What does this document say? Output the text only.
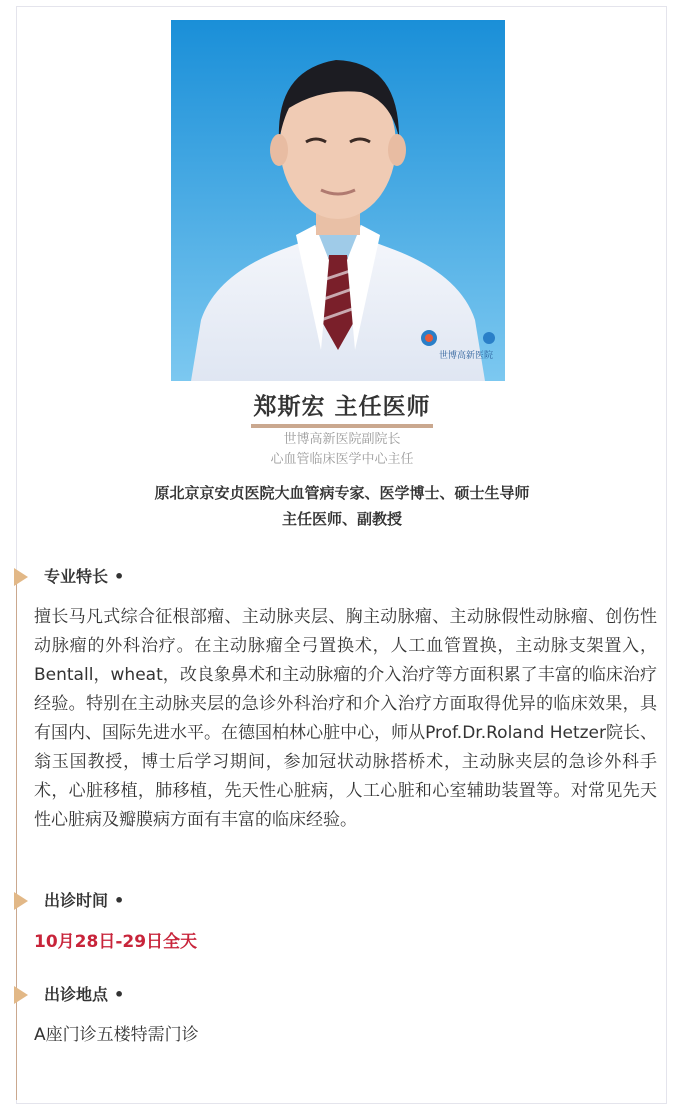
世博高新医院
郑斯宏 主任医师
世博高新医院副院长
心血管临床医学中心主任
原北京京安贞医院大血管病专家、医学博士、硕士生导师
主任医师、副教授
专业特长 •
擅长马凡式综合征根部瘤、主动脉夹层、胸主动脉瘤、主动脉假性动脉瘤、创伤性动脉瘤的外科治疗。在主动脉瘤全弓置换术，人工血管置换，主动脉支架置入，Bentall，wheat，改良象鼻术和主动脉瘤的介入治疗等方面积累了丰富的临床治疗经验。特别在主动脉夹层的急诊外科治疗和介入治疗方面取得优异的临床效果，具有国内、国际先进水平。在德国柏林心脏中心，师从Prof.Dr.Roland Hetzer院长、翁玉国教授，博士后学习期间，参加冠状动脉搭桥术，主动脉夹层的急诊外科手术，心脏移植，肺移植，先天性心脏病，人工心脏和心室辅助装置等。对常见先天性心脏病及瓣膜病方面有丰富的临床经验。
出诊时间 •
10月28日-29日全天
出诊地点 •
A座门诊五楼特需门诊
